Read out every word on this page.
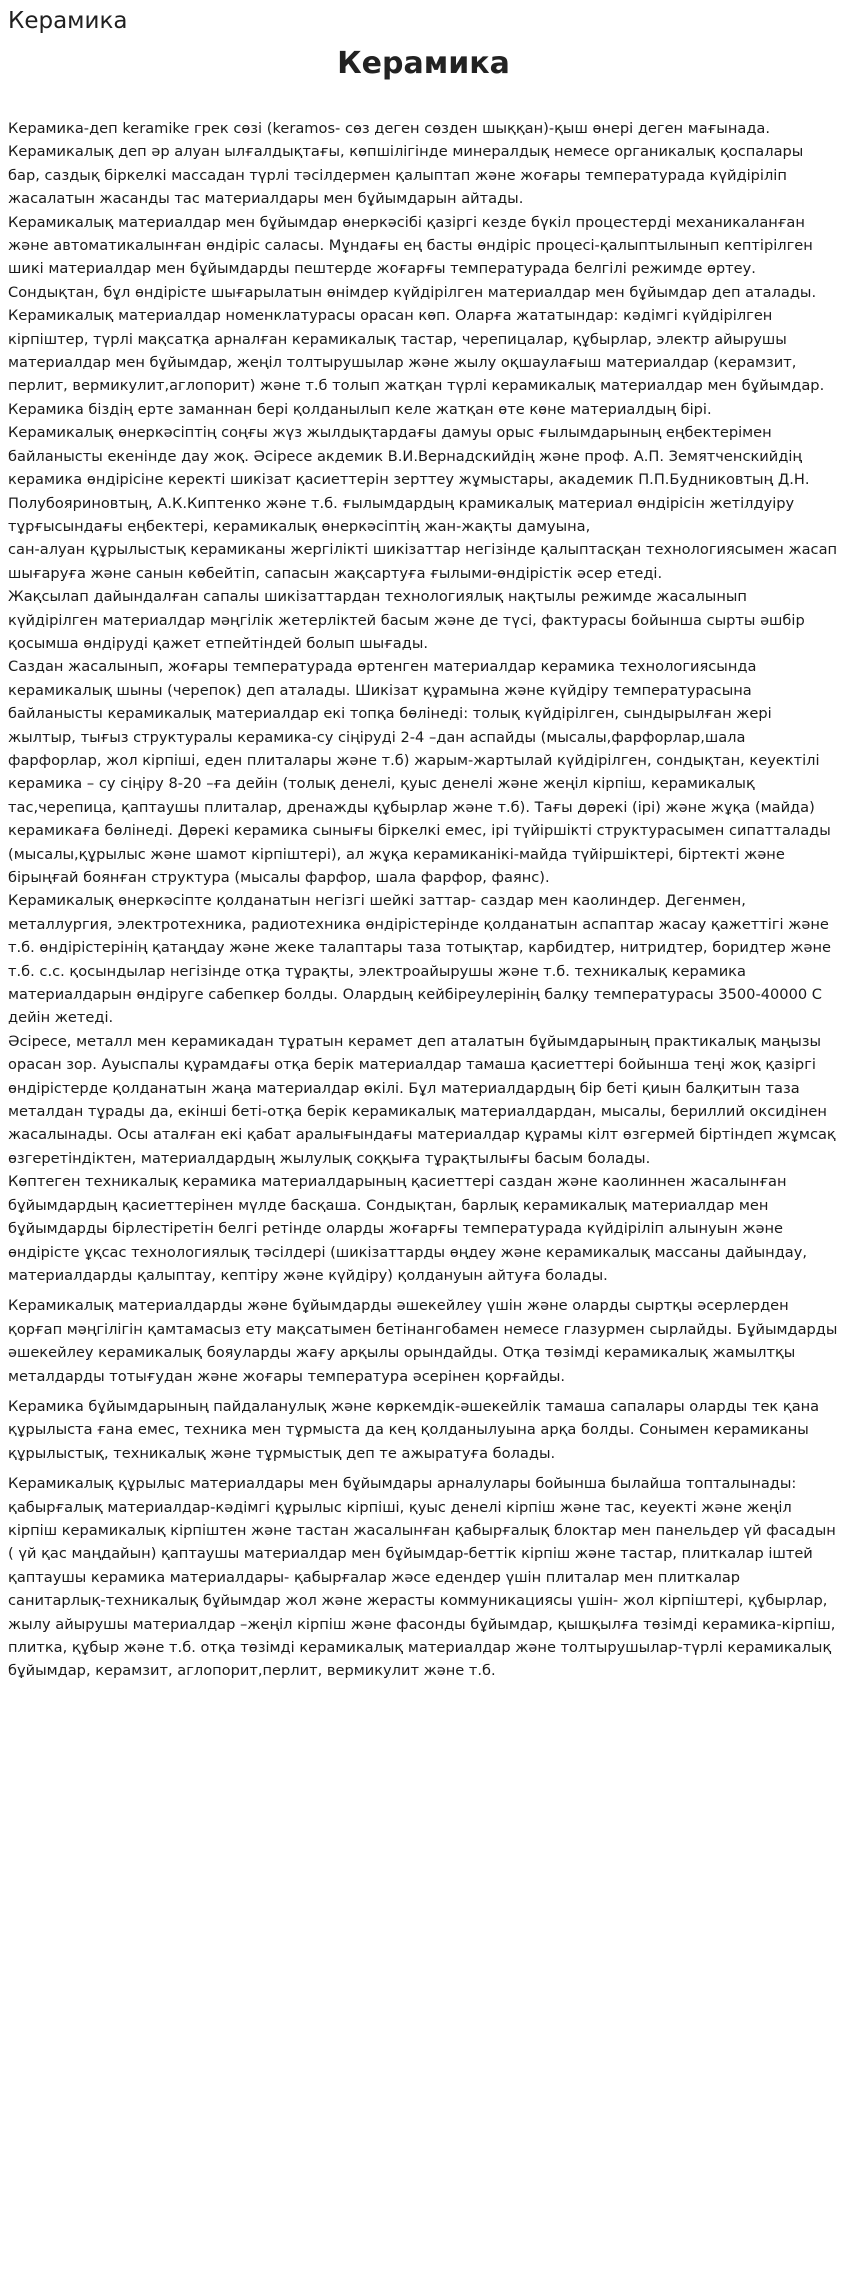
Керамика
Керамика

Керамика-деп keramike грек сөзі (keramos- сөз деген сөзден шыққан)-қыш өнері деген мағынада. Керамикалық деп әр алуан ылғалдықтағы, көпшілігінде минералдық немесе органикалық қоспалары бар, саздық біркелкі массадан түрлі тәсілдермен қалыптап және жоғары температурада күйдіріліп жасалатын жасанды тас материалдары мен бұйымдарын айтады.

Керамикалық материалдар мен бұйымдар өнеркәсібі қазіргі кезде бүкіл процестерді механикаланған және автоматикалынған өндіріс саласы. Мұндағы ең басты өндіріс процесі-қалыптылынып кептірілген шикі материалдар мен бұйымдарды пештерде жоғарғы температурада белгілі режимде өртеу. Сондықтан, бұл өндірісте шығарылатын өнімдер күйдірілген материалдар мен бұйымдар деп аталады. Керамикалық материалдар номенклатурасы орасан көп. Оларға жататындар: кәдімгі күйдірілген кірпіштер, түрлі мақсатқа арналған керамикалық тастар, черепицалар, құбырлар, электр айырушы материалдар мен бұйымдар, жеңіл толтырушылар және жылу оқшаулағыш материалдар (керамзит, перлит, вермикулит,аглопорит) және т.б толып жатқан түрлі керамикалық материалдар мен бұйымдар.

Керамика біздің ерте заманнан бері қолданылып келе жатқан өте көне материалдың бірі.

Керамикалық өнеркәсіптің соңғы жүз жылдықтардағы дамуы орыс ғылымдарының еңбектерімен байланысты екенінде дау жоқ. Әсіресе акдемик В.И.Вернадскийдің және проф. А.П. Земятченскийдің керамика өндірісіне керекті шикізат қасиеттерін зерттеу жұмыстары, академик П.П.Будниковтың Д.Н. Полубояриновтың, А.К.Киптенко және т.б. ғылымдардың крамикалық материал өндірісін жетілдуіру тұрғысындағы еңбектері, керамикалық өнеркәсіптің жан-жақты дамуына,

сан-алуан құрылыстық керамиканы жергілікті шикізаттар негізінде қалыптасқан технологиясымен жасап шығаруға және санын көбейтіп, сапасын жақсартуға ғылыми-өндірістік әсер етеді.

Жақсылап дайындалған сапалы шикізаттардан технологиялық нақтылы режимде жасалынып күйдірілген материалдар мәңгілік жетерліктей басым және де түсі, фактурасы бойынша сырты әшбір қосымша өндіруді қажет етпейтіндей болып шығады.

Саздан жасалынып, жоғары температурада өртенген материалдар керамика технологиясында керамикалық шыны (черепок) деп аталады. Шикізат құрамына және күйдіру температурасына байланысты керамикалық материалдар екі топқа бөлінеді: толық күйдірілген, сындырылған жері жылтыр, тығыз структуралы керамика-су сіңіруді 2-4 –дан аспайды (мысалы,фарфорлар,шала фарфорлар, жол кірпіші, еден плиталары және т.б) жарым-жартылай күйдірілген, сондықтан, кеуектілі керамика – су сіңіру 8-20 –ға дейін (толық денелі, қуыс денелі және жеңіл кірпіш, керамикалық тас,черепица, қаптаушы плиталар, дренажды құбырлар және т.б). Тағы дөрекі (ірі) және жұқа (майда) керамикаға бөлінеді. Дөрекі керамика сынығы біркелкі емес, ірі түйіршікті структурасымен сипатталады (мысалы,құрылыс және шамот кірпіштері), ал жұқа керамиканікі-майда түйіршіктері, біртекті және бірыңғай боянған структура (мысалы фарфор, шала фарфор, фаянс).

Керамикалық өнеркәсіпте қолданатын негізгі шейкі заттар- саздар мен каолиндер. Дегенмен, металлургия, электротехника, радиотехника өндірістерінде қолданатын аспаптар жасау қажеттігі және т.б. өндірістерінің қатаңдау және жеке талаптары таза тотықтар, карбидтер, нитридтер, боридтер және т.б. с.с. қосындылар негізінде отқа тұрақты, электроайырушы және т.б. техникалық керамика материалдарын өндіруге сабепкер болды. Олардың кейбіреулерінің балқу температурасы 3500-40000 С дейін жетеді.

Әсіресе, металл мен керамикадан тұратын керамет деп аталатын бұйымдарының практикалық маңызы орасан зор. Ауыспалы құрамдағы отқа берік материалдар тамаша қасиеттері бойынша теңі жоқ қазіргі өндірістерде қолданатын жаңа материалдар өкілі. Бұл материалдардың бір беті қиын балқитын таза металдан тұрады да, екінші беті-отқа берік керамикалық материалдардан, мысалы, бериллий оксидінен жасалынады. Осы аталған екі қабат аралығындағы материалдар құрамы кілт өзгермей біртіндеп жұмсақ өзгеретіндіктен, материалдардың жылулық соққыға тұрақтылығы басым болады.

Көптеген техникалық керамика материалдарының қасиеттері саздан және каолиннен жасалынған бұйымдардың қасиеттерінен мүлде басқаша. Сондықтан, барлық керамикалық материалдар мен бұйымдарды бірлестіретін белгі ретінде оларды жоғарғы температурада күйдіріліп алынуын және өндірісте ұқсас технологиялық тәсілдері (шикізаттарды өңдеу және керамикалық массаны дайындау, материалдарды қалыптау, кептіру және күйдіру) қолдануын айтуға болады.

Керамикалық материалдарды және бұйымдарды әшекейлеу үшін және оларды сыртқы әсерлерден қорғап мәңгілігін қамтамасыз ету мақсатымен бетінангобамен немесе глазурмен сырлайды. Бұйымдарды әшекейлеу керамикалық бояуларды жағу арқылы орындайды. Отқа төзімді керамикалық жамылтқы металдарды тотығудан және жоғары температура әсерінен қорғайды.

Керамика бұйымдарының пайдаланулық және көркемдік-әшекейлік тамаша сапалары оларды тек қана құрылыста ғана емес, техника мен тұрмыста да кең қолданылуына арқа болды. Сонымен керамиканы құрылыстық, техникалық және тұрмыстық деп те ажыратуға болады.

Керамикалық құрылыс материалдары мен бұйымдары арналулары бойынша былайша топталынады: қабырғалық материалдар-кәдімгі құрылыс кірпіші, қуыс денелі кірпіш және тас, кеуекті және жеңіл кірпіш керамикалық кірпіштен және тастан жасалынған қабырғалық блоктар мен панельдер үй фасадын ( үй қас маңдайын) қаптаушы материалдар мен бұйымдар-беттік кірпіш және тастар, плиткалар іштей қаптаушы керамика материалдары- қабырғалар жәсе едендер үшін плиталар мен плиткалар санитарлық-техникалық бұйымдар жол және жерасты коммуникациясы үшін- жол кірпіштері, құбырлар, жылу айырушы материалдар –жеңіл кірпіш және фасонды бұйымдар, қышқылға төзімді керамика-кірпіш, плитка, құбыр және т.б. отқа төзімді керамикалық материалдар және толтырушылар-түрлі керамикалық бұйымдар, керамзит, аглопорит,перлит, вермикулит және т.б.
